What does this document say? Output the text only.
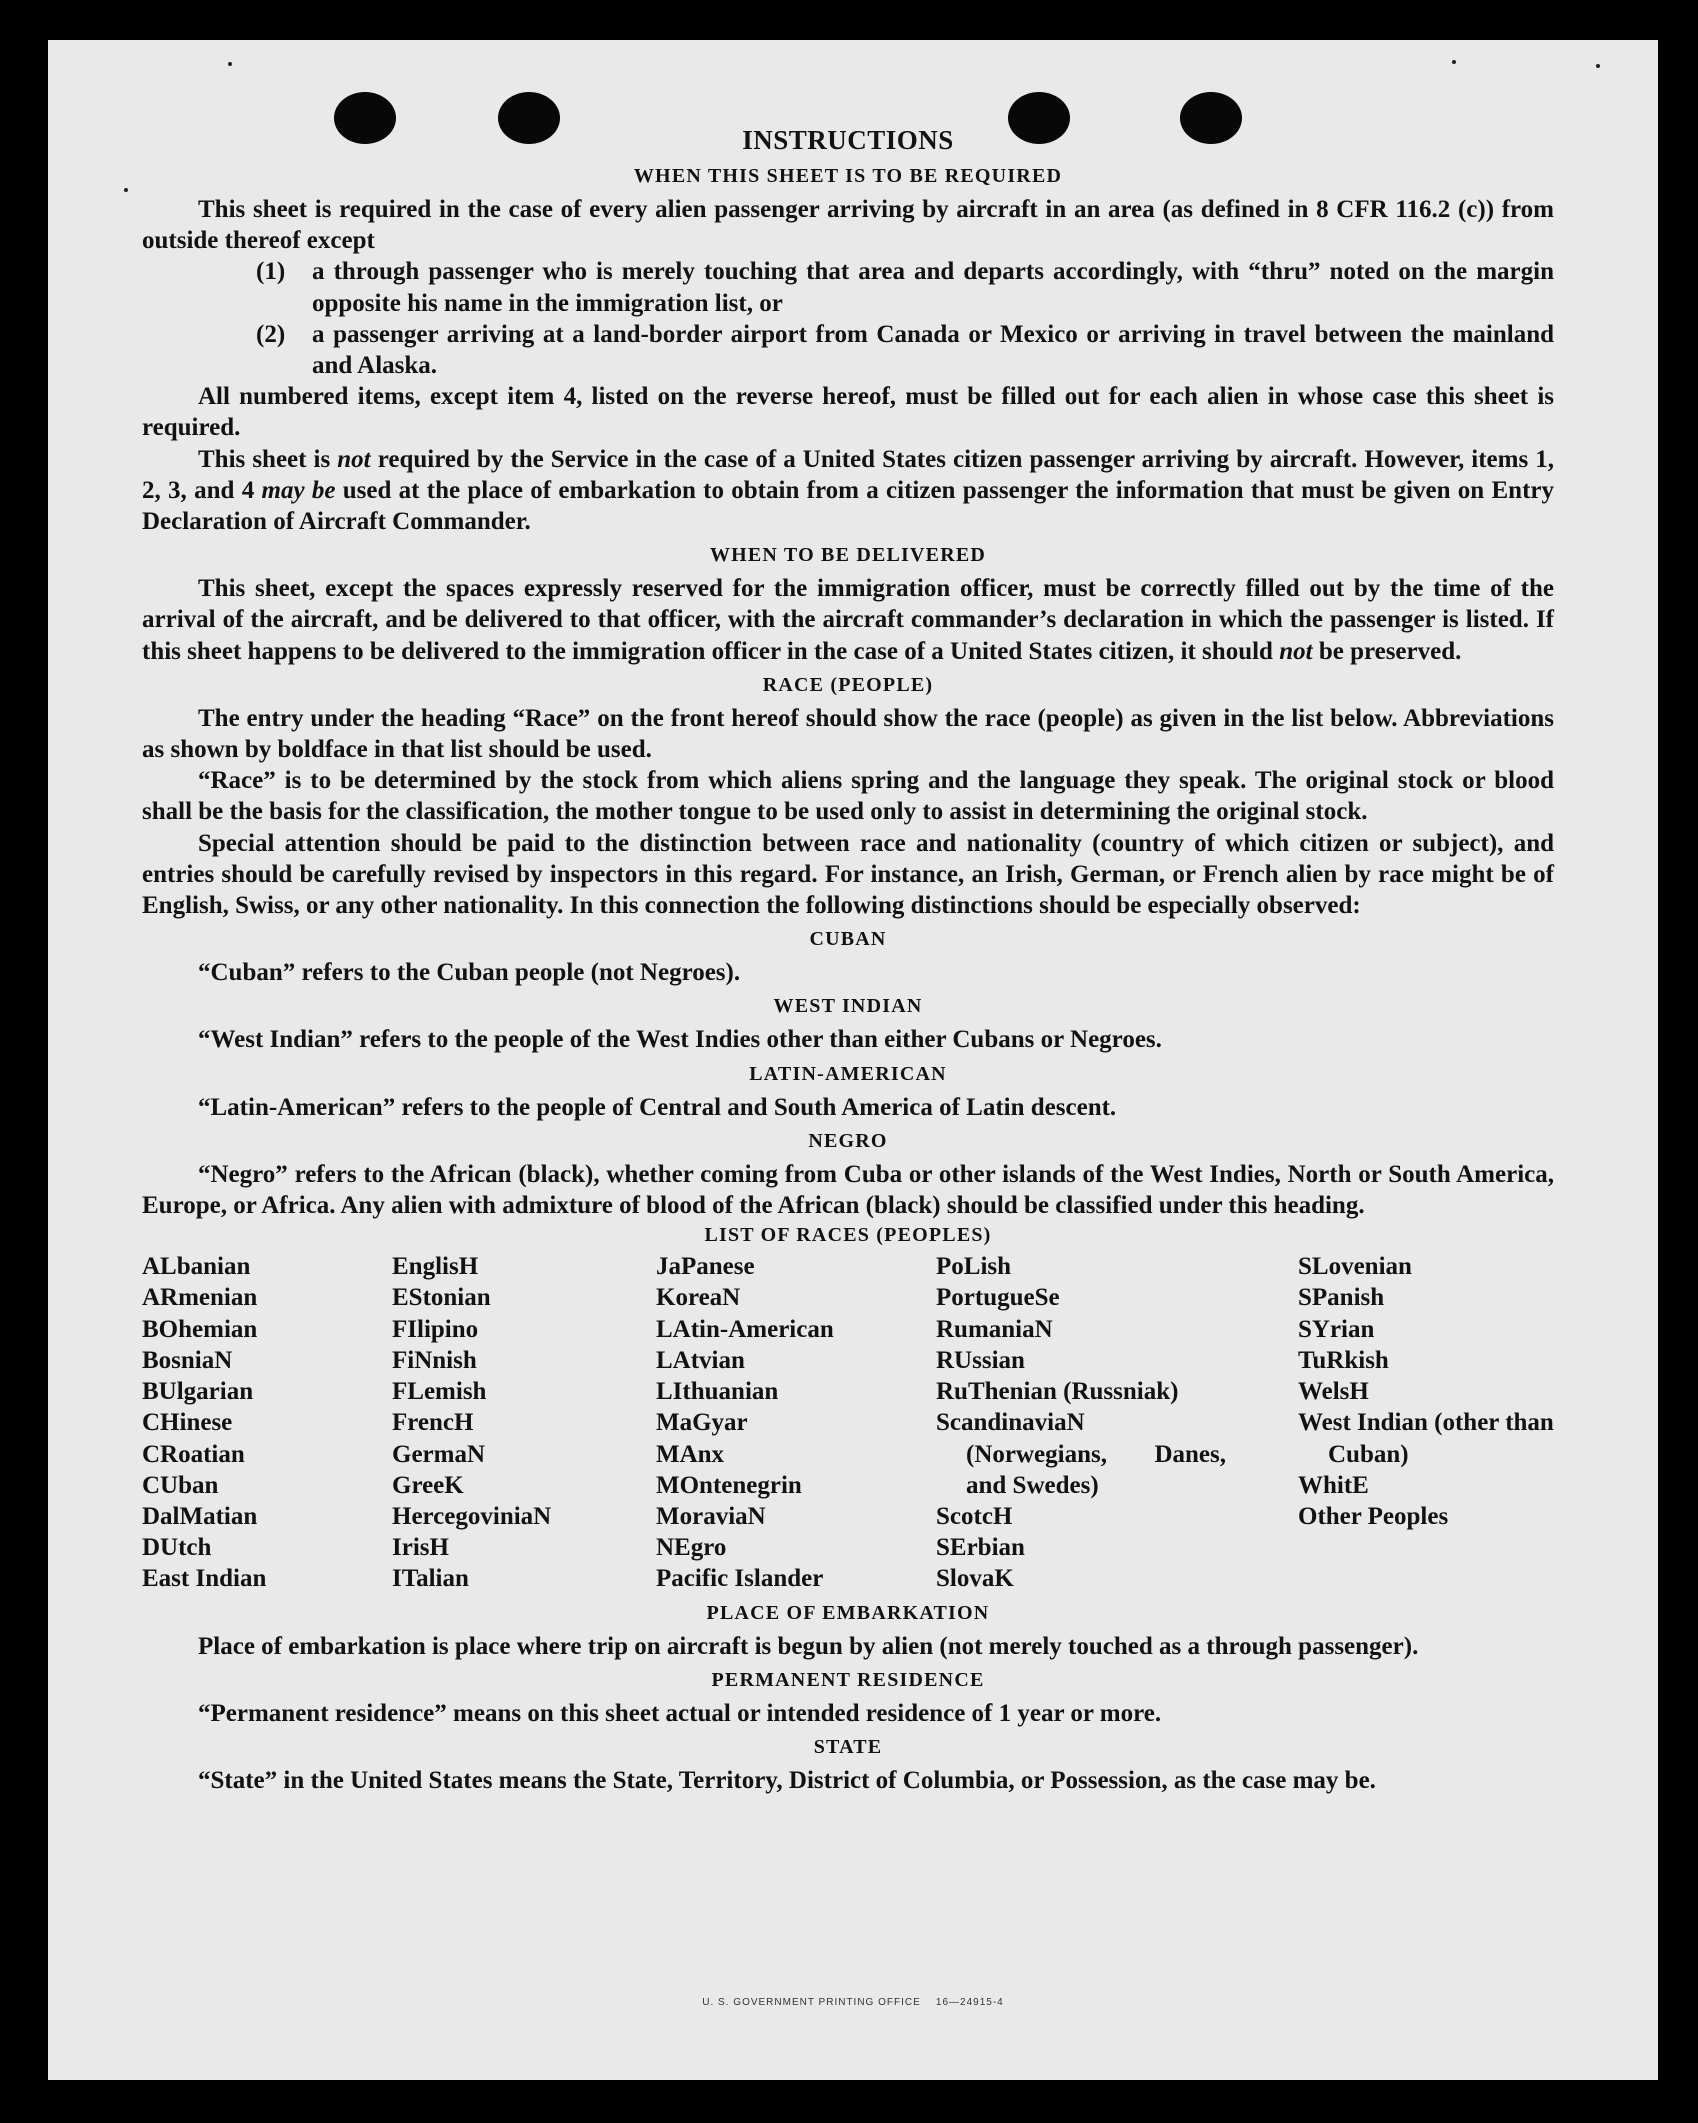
INSTRUCTIONS
WHEN THIS SHEET IS TO BE REQUIRED

This sheet is required in the case of every alien passenger arriving by aircraft in an area (as defined in 8 CFR 116.2 (c)) from outside thereof except

(1)	a through passenger who is merely touching that area and departs accordingly, with “thru” noted on the margin opposite his name in the immigration list, or
(2)	a passenger arriving at a land-border airport from Canada or Mexico or arriving in travel between the mainland and Alaska.

All numbered items, except item 4, listed on the reverse hereof, must be filled out for each alien in whose case this sheet is required.

This sheet is not required by the Service in the case of a United States citizen passenger arriving by aircraft. However, items 1, 2, 3, and 4 may be used at the place of embarkation to obtain from a citizen passenger the information that must be given on Entry Declaration of Aircraft Commander.

WHEN TO BE DELIVERED

This sheet, except the spaces expressly reserved for the immigration officer, must be correctly filled out by the time of the arrival of the aircraft, and be delivered to that officer, with the aircraft commander’s declaration in which the passenger is listed. If this sheet happens to be delivered to the immigration officer in the case of a United States citizen, it should not be preserved.

RACE (PEOPLE)

The entry under the heading “Race” on the front hereof should show the race (people) as given in the list below. Abbreviations as shown by boldface in that list should be used.

“Race” is to be determined by the stock from which aliens spring and the language they speak. The original stock or blood shall be the basis for the classification, the mother tongue to be used only to assist in determining the original stock.

Special attention should be paid to the distinction between race and nationality (country of which citizen or subject), and entries should be carefully revised by inspectors in this regard. For instance, an Irish, German, or French alien by race might be of English, Swiss, or any other nationality. In this connection the following distinctions should be especially observed:

CUBAN

“Cuban” refers to the Cuban people (not Negroes).

WEST INDIAN

“West Indian” refers to the people of the West Indies other than either Cubans or Negroes.

LATIN-AMERICAN

“Latin-American” refers to the people of Central and South America of Latin descent.

NEGRO

“Negro” refers to the African (black), whether coming from Cuba or other islands of the West Indies, North or South America, Europe, or Africa. Any alien with admixture of blood of the African (black) should be classified under this heading.

LIST OF RACES (PEOPLES)
ALbanian
ARmenian
BOhemian
BosniaN
BUlgarian
CHinese
CRoatian
CUban
DalMatian
DUtch
East Indian
EnglisH
EStonian
FIlipino
FiNnish
FLemish
FrencH
GermaN
GreeK
HercegoviniaN
IrisH
ITalian
JaPanese
KoreaN
LAtin-American
LAtvian
LIthuanian
MaGyar
MAnx
MOntenegrin
MoraviaN
NEgro
Pacific Islander
PoLish
PortugueSe
RumaniaN
RUssian
RuThenian (Russniak)
ScandinaviaN (Norwegians, Danes, and Swedes)
ScotcH
SErbian
SlovaK
SLovenian
SPanish
SYrian
TuRkish
WelsH
West Indian (other than Cuban)
WhitE
Other Peoples
PLACE OF EMBARKATION

Place of embarkation is place where trip on aircraft is begun by alien (not merely touched as a through passenger).

PERMANENT RESIDENCE

“Permanent residence” means on this sheet actual or intended residence of 1 year or more.

STATE

“State” in the United States means the State, Territory, District of Columbia, or Possession, as the case may be.

U. S. GOVERNMENT PRINTING OFFICE    16—24915-4
